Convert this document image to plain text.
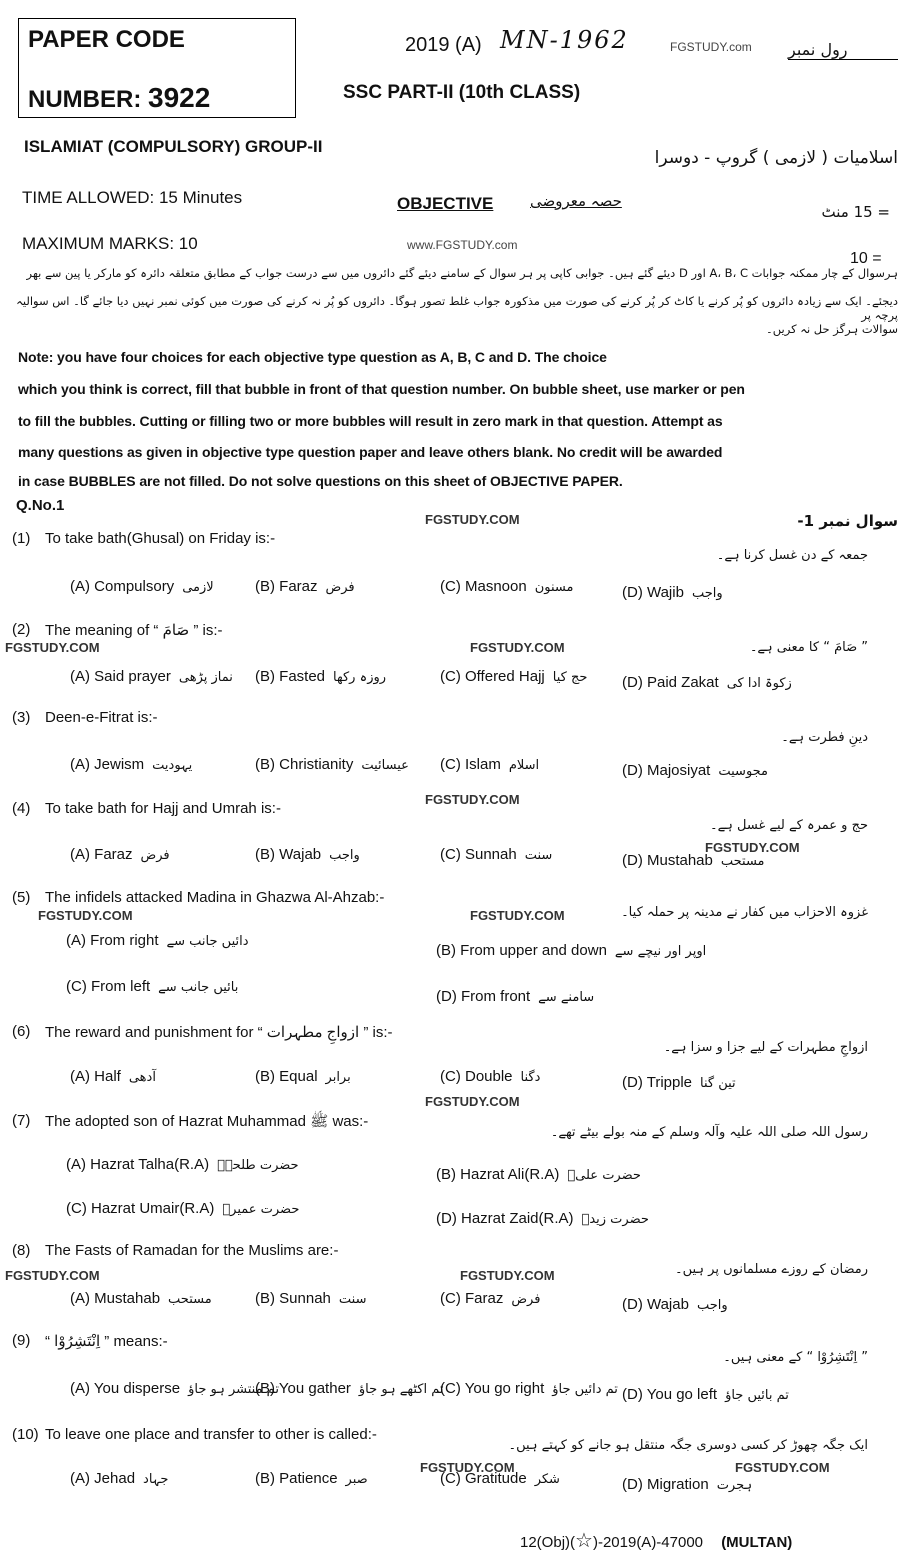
PAPER CODE
NUMBER: 3922
2019 (A) MN-1962	FGSTUDY.com رول نمبر
SSC PART-II (10th CLASS)
ISLAMIAT (COMPULSORY) GROUP-II
اسلامیات ( لازمی ) گروپ - دوسرا
TIME ALLOWED: 15 Minutes	OBJECTIVE حصہ معروضی
= 15 منٹ
MAXIMUM MARKS: 10	www.FGSTUDY.com
10 =
ہرسوال کے چار ممکنہ جوابات A، B، C اور D دیئے گئے ہیں۔ جوابی کاپی پر ہر سوال کے سامنے دیئے گئے دائروں میں سے درست جواب کے مطابق متعلقہ دائرہ کو مارکر یا پین سے بھر
دیجئے۔ ایک سے زیادہ دائروں کو پُر کرنے یا کاٹ کر پُر کرنے کی صورت میں مذکورہ جواب غلط تصور ہوگا۔ دائروں کو پُر نہ کرنے کی صورت میں کوئی نمبر نہیں دیا جائے گا۔ اس سوالیہ پرچہ پر
سوالات ہرگز حل نہ کریں۔
Note: you have four choices for each objective type question as A, B, C and D. The choice
which you think is correct, fill that bubble in front of that question number. On bubble sheet, use marker or pen
to fill the bubbles. Cutting or filling two or more bubbles will result in zero mark in that question. Attempt as
many questions as given in objective type question paper and leave others blank. No credit will be awarded
in case BUBBLES are not filled. Do not solve questions on this sheet of OBJECTIVE PAPER.
Q.No.1
سوال نمبر 1-
(1) To take bath(Ghusal) on Friday is:-
جمعہ کے دن غسل کرنا ہے۔
(A) Compulsory لازمی	(B) Faraz فرض	(C) Masnoon مسنون	(D) Wajib واجب
(2) The meaning of “ صَامَ ” is:-
” صَامَ “ کا معنی ہے۔
(A) Said prayer نماز پڑھی (B) Fasted روزہ رکھا	(C) Offered Hajj حج کیا (D) Paid Zakat زکوۃ ادا کی
(3) Deen-e-Fitrat is:-
دینِ فطرت ہے۔
(A) Jewism یہودیت	(B) Christianity عیسائیت (C) Islam اسلام	(D) Majosiyat مجوسیت
(4) To take bath for Hajj and Umrah is:-
حج و عمرہ کے لیے غسل ہے۔
(A) Faraz فرض	(B) Wajab واجب	(C) Sunnah سنت	(D) Mustahab مستحب
(5) The infidels attacked Madina in Ghazwa Al-Ahzab:-
غزوہ الاحزاب میں کفار نے مدینہ پر حملہ کیا۔
(A) From right دائیں جانب سے
(B) From upper and down اوپر اور نیچے سے
(C) From left بائیں جانب سے
(D) From front سامنے سے
(6) The reward and punishment for “ ازواجِ مطہرات ” is:-
ازواجِ مطہرات کے لیے جزا و سزا ہے۔
(A) Half آدھی	(B) Equal برابر	(C) Double دگنا	(D) Tripple تین گنا
(7) The adopted son of Hazrat Muhammad ﷺ was:-
رسول اللہ صلی اللہ علیہ وآلہ وسلم کے منہ بولے بیٹے تھے۔
(A) Hazrat Talha(R.A) حضرت طلحہؓ
(B) Hazrat Ali(R.A) حضرت علیؓ
(C) Hazrat Umair(R.A) حضرت عمیرؓ
(D) Hazrat Zaid(R.A) حضرت زیدؓ
(8) The Fasts of Ramadan for the Muslims are:-
رمضان کے روزے مسلمانوں پر ہیں۔
(A) Mustahab مستحب	(B) Sunnah سنت	(C) Faraz فرض	(D) Wajab واجب
(9) “ اِنْتَشِرُوْا ” means:-
” اِنْتَشِرُوْا “ کے معنی ہیں۔
(A) You disperse تم منتشر ہو جاؤ
(B) You gather تم اکٹھے ہو جاؤ
(C) You go right تم دائیں جاؤ (D) You go left تم بائیں جاؤ
(10) To leave one place and transfer to other is called:-
ایک جگہ چھوڑ کر کسی دوسری جگہ منتقل ہو جانے کو کہتے ہیں۔
(A) Jehad جہاد	(B) Patience صبر	(C) Gratitude شکر	(D) Migration ہجرت
FGSTUDY.COM	FGSTUDY.COM
FGSTUDY.COM	FGSTUDY.COM
FGSTUDY.COM	FGSTUDY.COM
FGSTUDY.COM
FGSTUDY.COM
FGSTUDY.COM
FGSTUDY.COM
FGSTUDY.COM
FGSTUDY.COM
12(Obj)(☆)-2019(A)-47000 (MULTAN)
